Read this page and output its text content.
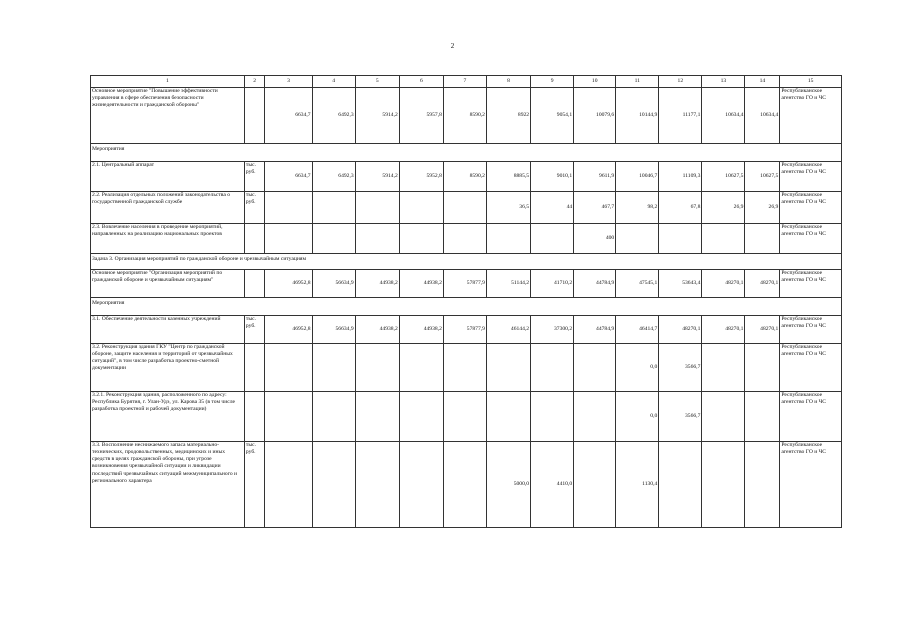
2
1	2	3	4	5	6	7	8	9	10	11	12	13	14	15
Основное мероприятие "Повышение эффективности управления в сфере обеспечения безопасности жизнедеятельности и гражданской обороны"		6634,7	6492,3	5914,2	5957,8	8590,2	8922	9054,1	10079,6	10144,9	11177,1	10634,4	10634,4	Республиканское агентство ГО и ЧС
Мероприятия														
2.1. Центральный аппарат	тыс. руб.	6634,7	6492,3	5914,2	5952,8	8590,2	8885,5	9010,1	9611,9	10046,7	11109,3	10627,5	10627,5	Республиканское агентство ГО и ЧС
2.2. Реализация отдельных положений законодательства о государственной гражданской службе	тыс. руб.						36,5	44	467,7	98,2	67,8	26,9	26,9	Республиканское агентство ГО и ЧС
2.3. Вовлечение населения в проведение мероприятий, направленных на реализацию национальных проектов									400					Республиканское агентство ГО и ЧС
Задача 3. Организация мероприятий по гражданской обороне и чрезвычайным ситуациям														
Основное мероприятие "Организация мероприятий по гражданской обороне и чрезвычайным ситуациям"		46952,8	56634,9	44938,2	44938,2	57877,9	51144,2	41710,2	44784,9	47545,1	53643,4	48270,1	48270,1	Республиканское агентство ГО и ЧС
Мероприятия														
3.1. Обеспечение деятельности казенных учреждений	тыс. руб.	46952,8	56634,9	44938,2	44938,2	57877,9	46144,2	37300,2	44784,9	46414,7	48270,1	48270,1	48270,1	Республиканское агентство ГО и ЧС
3.2. Реконструкция здания ГКУ "Центр по гражданской обороне, защите населения и территорий от чрезвычайных ситуаций", в том числе разработка проектно-сметной документации										0,0	3566,7			Республиканское агентство ГО и ЧС
3.2.1. Реконструкция здания, расположенного по адресу: Республика Бурятия, г. Улан-Удэ, ул. Карова 35 (в том числе разработка проектной и рабочей документации)										0,0	3566,7			Республиканское агентство ГО и ЧС
3.3. Восполнение неснижаемого запаса материально-технических, продовольственных, медицинских и иных средств в целях гражданской обороны, при угрозе возникновения чрезвычайной ситуации и ликвидации последствий чрезвычайных ситуаций межмуниципального и регионального характера	тыс. руб.						5000,0	4410,0		1130,4				Республиканское агентство ГО и ЧС
